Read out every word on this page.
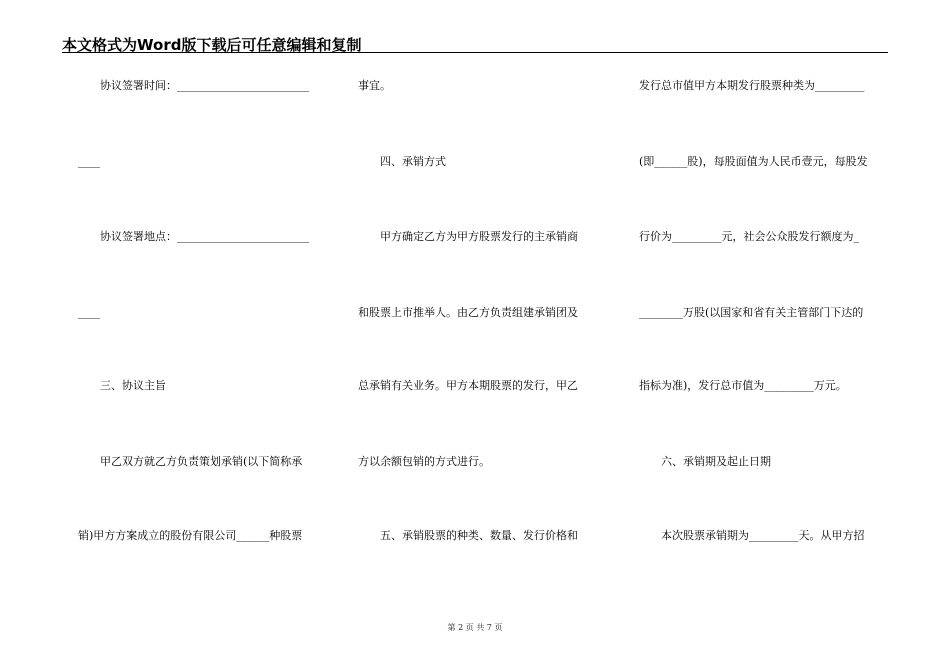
本文格式为Word版下载后可任意编辑和复制
　　协议签署时间：________________________
____
　　协议签署地点：________________________
____
　　三、协议主旨
　　甲乙双方就乙方负责策划承销(以下简称承
销)甲方方案成立的股份有限公司______种股票
事宜。
　　四、承销方式
　　甲方确定乙方为甲方股票发行的主承销商
和股票上市推举人。由乙方负责组建承销团及
总承销有关业务。甲方本期股票的发行，甲乙
方以余额包销的方式进行。
　　五、承销股票的种类、数量、发行价格和
发行总市值甲方本期发行股票种类为_________
(即______股)，每股面值为人民币壹元，每股发
行价为_________元，社会公众股发行额度为_
________万股(以国家和省有关主管部门下达的
指标为准)，发行总市值为_________万元。
　　六、承销期及起止日期
　　本次股票承销期为_________天。从甲方招
第 2 页 共 7 页
